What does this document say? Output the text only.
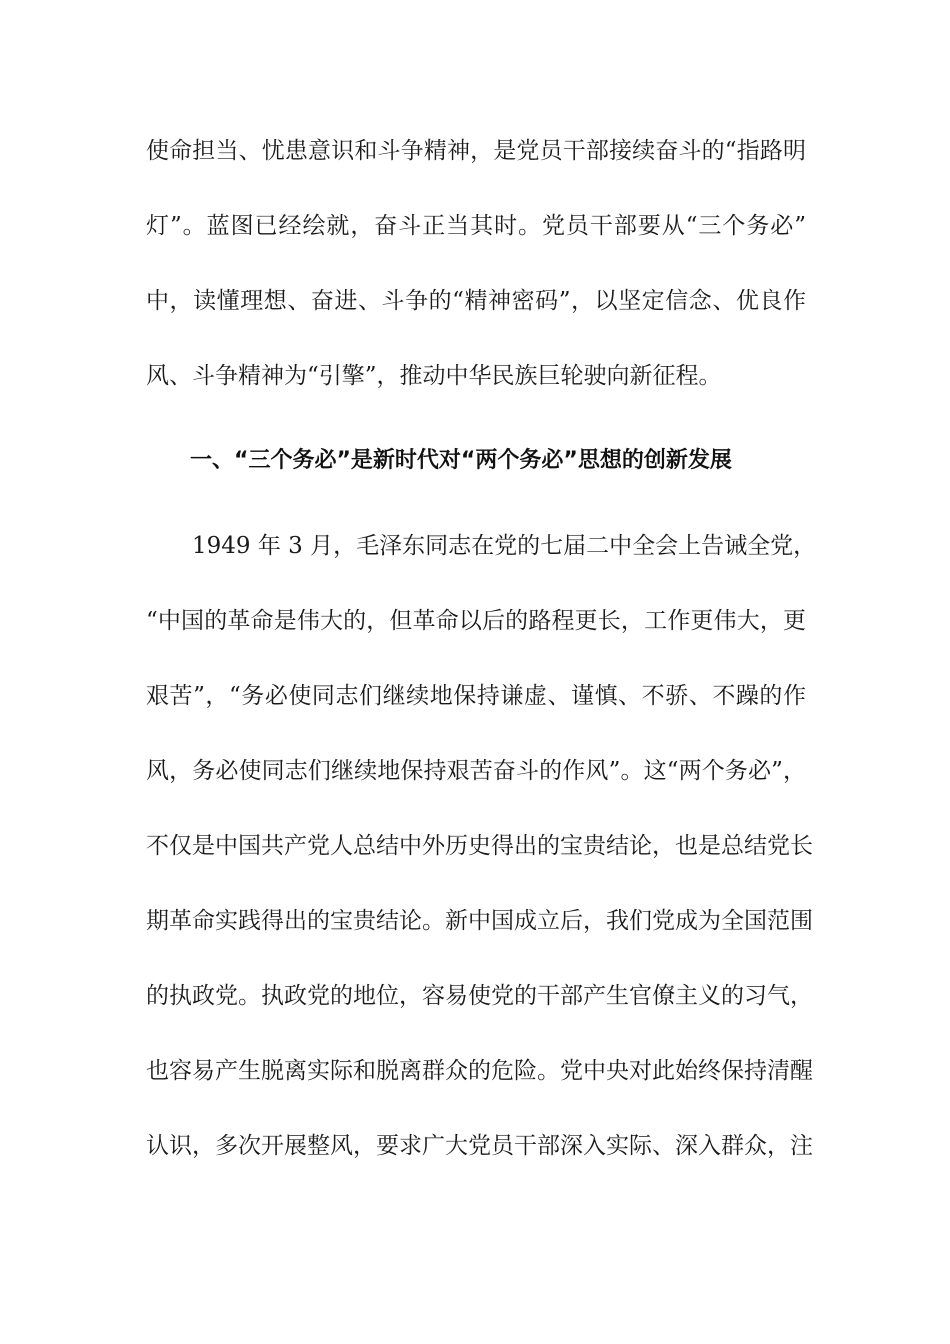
使命担当、忧患意识和斗争精神，是党员干部接续奋斗的“指路明
灯”。蓝图已经绘就，奋斗正当其时。党员干部要从“三个务必”
中，读懂理想、奋进、斗争的“精神密码”，以坚定信念、优良作
风、斗争精神为“引擎”，推动中华民族巨轮驶向新征程。
一、“三个务必”是新时代对“两个务必”思想的创新发展
1949 年 3 月，毛泽东同志在党的七届二中全会上告诫全党，
“中国的革命是伟大的，但革命以后的路程更长，工作更伟大，更
艰苦”，“务必使同志们继续地保持谦虚、谨慎、不骄、不躁的作
风，务必使同志们继续地保持艰苦奋斗的作风”。这“两个务必”，
不仅是中国共产党人总结中外历史得出的宝贵结论，也是总结党长
期革命实践得出的宝贵结论。新中国成立后，我们党成为全国范围
的执政党。执政党的地位，容易使党的干部产生官僚主义的习气，
也容易产生脱离实际和脱离群众的危险。党中央对此始终保持清醒
认识，多次开展整风，要求广大党员干部深入实际、深入群众，注
